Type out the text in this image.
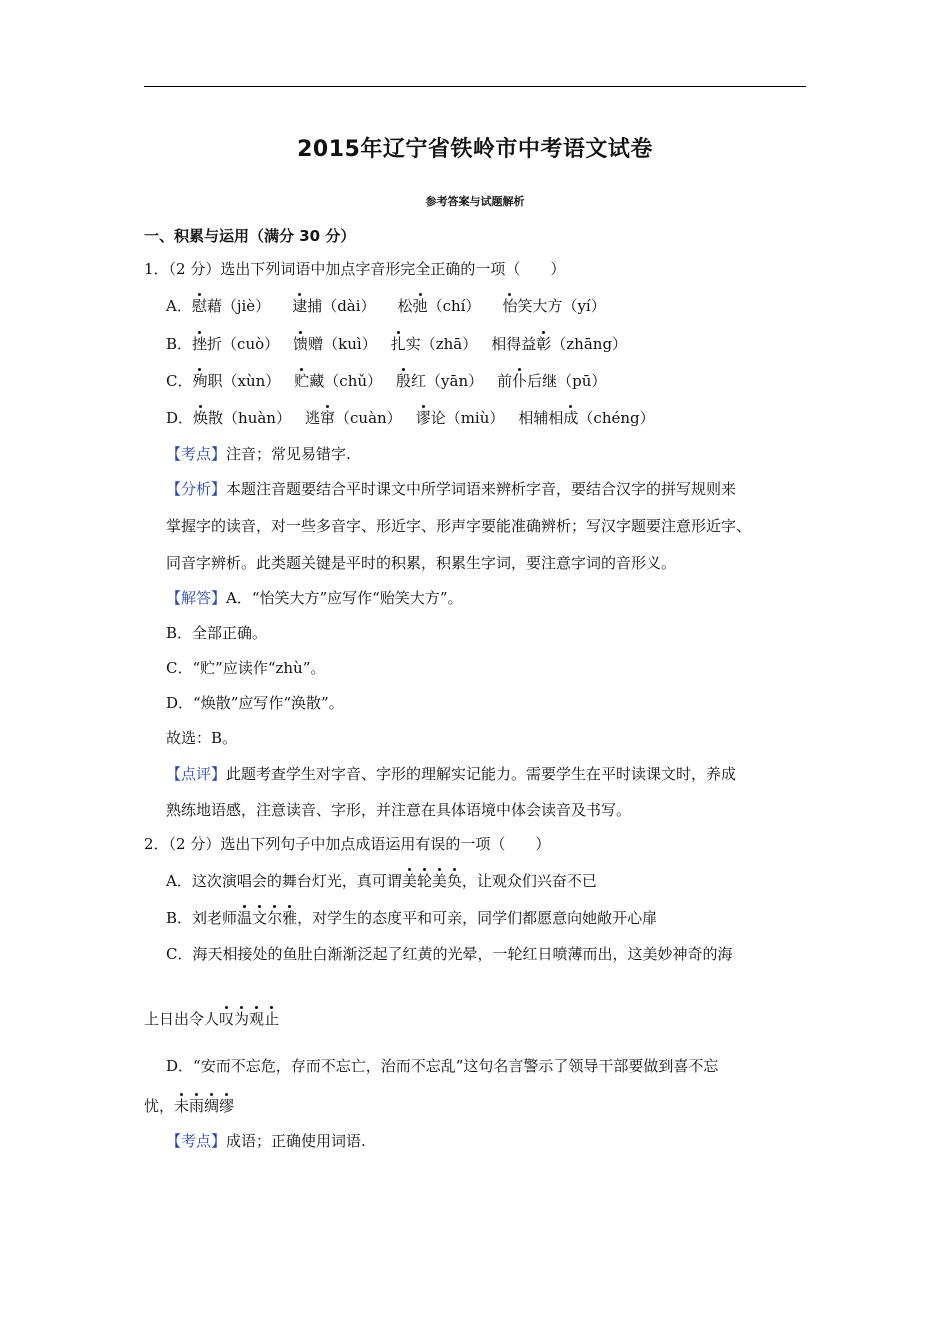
2015年辽宁省铁岭市中考语文试卷
参考答案与试题解析
一、积累与运用（满分 30 分）
1．（2 分）选出下列词语中加点字音形完全正确的一项（　　）
A．慰藉（jiè） 逮捕（dài） 松弛（chí） 怡笑大方（yí）
B．挫折（cuò） 馈赠（kuì） 扎实（zhā） 相得益彰（zhāng）
C．殉职（xùn） 贮藏（chǔ） 殷红（yān） 前仆后继（pū）
D．焕散（huàn） 逃窜（cuàn） 谬论（miù） 相辅相成（chéng）
【考点】注音；常见易错字.
【分析】本题注音题要结合平时课文中所学词语来辨析字音，要结合汉字的拼写规则来
掌握字的读音，对一些多音字、形近字、形声字要能准确辨析；写汉字题要注意形近字、
同音字辨析。此类题关键是平时的积累，积累生字词，要注意字词的音形义。
【解答】A．“怡笑大方”应写作“贻笑大方”。
B．全部正确。
C．“贮”应读作“zhù”。
D．“焕散”应写作“涣散”。
故选：B。
【点评】此题考查学生对字音、字形的理解实记能力。需要学生在平时读课文时，养成
熟练地语感，注意读音、字形，并注意在具体语境中体会读音及书写。
2．（2 分）选出下列句子中加点成语运用有误的一项（　　）
A．这次演唱会的舞台灯光，真可谓美轮美奂，让观众们兴奋不已
B．刘老师温文尔雅，对学生的态度平和可亲，同学们都愿意向她敞开心扉
C．海天相接处的鱼肚白渐渐泛起了红黄的光晕，一轮红日喷薄而出，这美妙神奇的海
上日出令人叹为观止
D．“安而不忘危，存而不忘亡，治而不忘乱”这句名言警示了领导干部要做到喜不忘
忧，未雨绸缪
【考点】成语；正确使用词语.
